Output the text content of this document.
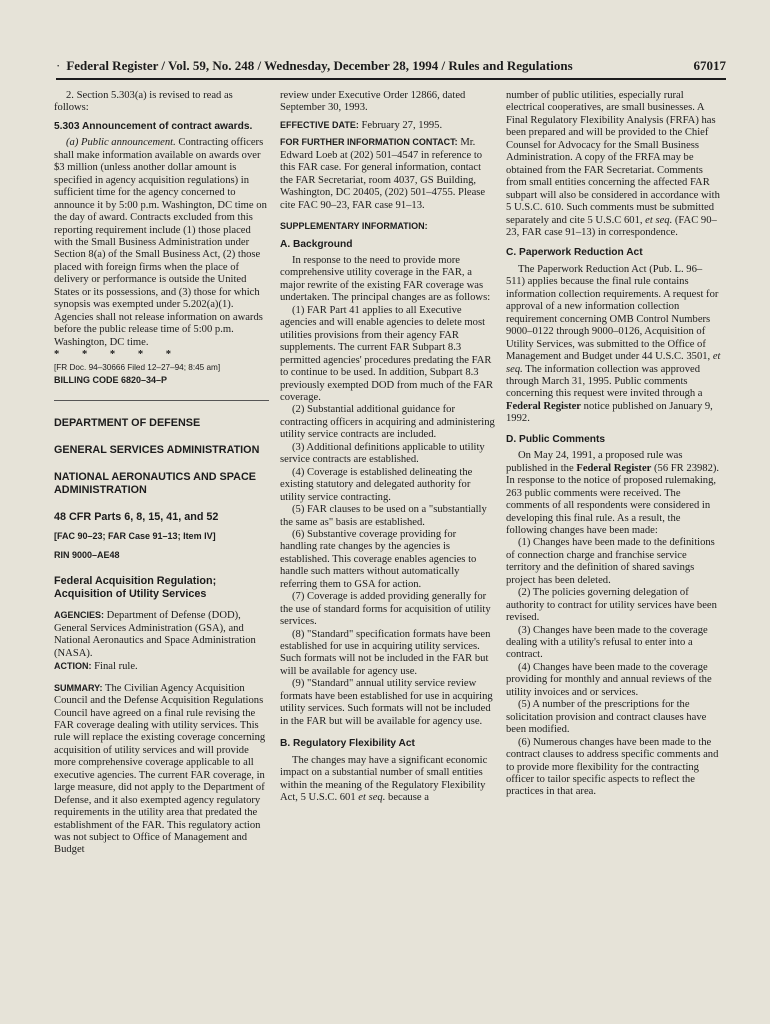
· Federal Register / Vol. 59, No. 248 / Wednesday, December 28, 1994 / Rules and Regulations	67017

2. Section 5.303(a) is revised to read as follows:

5.303 Announcement of contract awards.

(a) Public announcement. Contracting officers shall make information available on awards over $3 million (unless another dollar amount is specified in agency acquisition regulations) in sufficient time for the agency concerned to announce it by 5:00 p.m. Washington, DC time on the day of award. Contracts excluded from this reporting requirement include (1) those placed with the Small Business Administration under Section 8(a) of the Small Business Act, (2) those placed with foreign firms when the place of delivery or performance is outside the United States or its possessions, and (3) those for which synopsis was exempted under 5.202(a)(1). Agencies shall not release information on awards before the public release time of 5:00 p.m. Washington, DC time.

* * * * *

[FR Doc. 94–30666 Filed 12–27–94; 8:45 am]

BILLING CODE 6820–34–P

DEPARTMENT OF DEFENSE

GENERAL SERVICES ADMINISTRATION

NATIONAL AERONAUTICS AND SPACE ADMINISTRATION

48 CFR Parts 6, 8, 15, 41, and 52

[FAC 90–23; FAR Case 91–13; Item IV]

RIN 9000–AE48

Federal Acquisition Regulation; Acquisition of Utility Services

AGENCIES: Department of Defense (DOD), General Services Administration (GSA), and National Aeronautics and Space Administration (NASA).

ACTION: Final rule.

SUMMARY: The Civilian Agency Acquisition Council and the Defense Acquisition Regulations Council have agreed on a final rule revising the FAR coverage dealing with utility services. This rule will replace the existing coverage concerning acquisition of utility services and will provide more comprehensive coverage applicable to all executive agencies. The current FAR coverage, in large measure, did not apply to the Department of Defense, and it also exempted agency regulatory requirements in the utility area that predated the establishment of the FAR. This regulatory action was not subject to Office of Management and Budget

review under Executive Order 12866, dated September 30, 1993.

EFFECTIVE DATE: February 27, 1995.

FOR FURTHER INFORMATION CONTACT: Mr. Edward Loeb at (202) 501–4547 in reference to this FAR case. For general information, contact the FAR Secretariat, room 4037, GS Building, Washington, DC 20405, (202) 501–4755. Please cite FAC 90–23, FAR case 91–13.

SUPPLEMENTARY INFORMATION:

A. Background

In response to the need to provide more comprehensive utility coverage in the FAR, a major rewrite of the existing FAR coverage was undertaken. The principal changes are as follows:

(1) FAR Part 41 applies to all Executive agencies and will enable agencies to delete most utilities provisions from their agency FAR supplements. The current FAR Subpart 8.3 permitted agencies' procedures predating the FAR to continue to be used. In addition, Subpart 8.3 previously exempted DOD from much of the FAR coverage.

(2) Substantial additional guidance for contracting officers in acquiring and administering utility service contracts are included.

(3) Additional definitions applicable to utility service contracts are established.

(4) Coverage is established delineating the existing statutory and delegated authority for utility service contracting.

(5) FAR clauses to be used on a "substantially the same as" basis are established.

(6) Substantive coverage providing for handling rate changes by the agencies is established. This coverage enables agencies to handle such matters without automatically referring them to GSA for action.

(7) Coverage is added providing generally for the use of standard forms for acquisition of utility services.

(8) "Standard" specification formats have been established for use in acquiring utility services. Such formats will not be included in the FAR but will be available for agency use.

(9) "Standard" annual utility service review formats have been established for use in acquiring utility services. Such formats will not be included in the FAR but will be available for agency use.

B. Regulatory Flexibility Act

The changes may have a significant economic impact on a substantial number of small entities within the meaning of the Regulatory Flexibility Act, 5 U.S.C. 601 et seq. because a

number of public utilities, especially rural electrical cooperatives, are small businesses. A Final Regulatory Flexibility Analysis (FRFA) has been prepared and will be provided to the Chief Counsel for Advocacy for the Small Business Administration. A copy of the FRFA may be obtained from the FAR Secretariat. Comments from small entities concerning the affected FAR subpart will also be considered in accordance with 5 U.S.C. 610. Such comments must be submitted separately and cite 5 U.S.C 601, et seq. (FAC 90–23, FAR case 91–13) in correspondence.

C. Paperwork Reduction Act

The Paperwork Reduction Act (Pub. L. 96–511) applies because the final rule contains information collection requirements. A request for approval of a new information collection requirement concerning OMB Control Numbers 9000–0122 through 9000–0126, Acquisition of Utility Services, was submitted to the Office of Management and Budget under 44 U.S.C. 3501, et seq. The information collection was approved through March 31, 1995. Public comments concerning this request were invited through a Federal Register notice published on January 9, 1992.

D. Public Comments

On May 24, 1991, a proposed rule was published in the Federal Register (56 FR 23982). In response to the notice of proposed rulemaking, 263 public comments were received. The comments of all respondents were considered in developing this final rule. As a result, the following changes have been made:

(1) Changes have been made to the definitions of connection charge and franchise service territory and the definition of shared savings project has been deleted.

(2) The policies governing delegation of authority to contract for utility services have been revised.

(3) Changes have been made to the coverage dealing with a utility's refusal to enter into a contract.

(4) Changes have been made to the coverage providing for monthly and annual reviews of the utility invoices and or services.

(5) A number of the prescriptions for the solicitation provision and contract clauses have been modified.

(6) Numerous changes have been made to the contract clauses to address specific comments and to provide more flexibility for the contracting officer to tailor specific aspects to reflect the practices in that area.
